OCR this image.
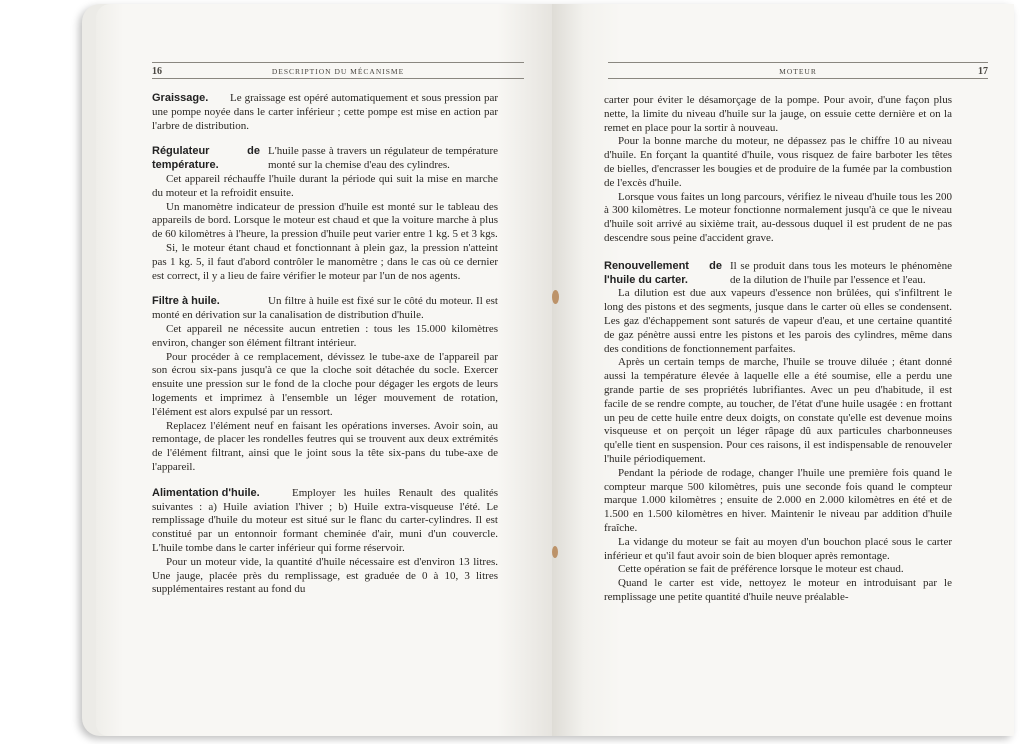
16	DESCRIPTION DU MÉCANISME
Graissage.	Le graissage est opéré automatiquement et sous pression par une pompe noyée dans le carter inférieur ; cette pompe est mise en action par l'arbre de distribution.

Régulateur de température.

L'huile passe à travers un régulateur de température monté sur la chemise d'eau des cylindres.

Cet appareil réchauffe l'huile durant la période qui suit la mise en marche du moteur et la refroidit ensuite.

Un manomètre indicateur de pression d'huile est monté sur le tableau des appareils de bord. Lorsque le moteur est chaud et que la voiture marche à plus de 60 kilomètres à l'heure, la pression d'huile peut varier entre 1 kg. 5 et 3 kgs.

Si, le moteur étant chaud et fonctionnant à plein gaz, la pression n'atteint pas 1 kg. 5, il faut d'abord contrôler le manomètre ; dans le cas où ce dernier est correct, il y a lieu de faire vérifier le moteur par l'un de nos agents.

Filtre à huile.	Un filtre à huile est fixé sur le côté du moteur. Il est monté en dérivation sur la canalisation de distribution d'huile.

Cet appareil ne nécessite aucun entretien : tous les 15.000 kilomètres environ, changer son élément filtrant intérieur.

Pour procéder à ce remplacement, dévissez le tube-axe de l'appareil par son écrou six-pans jusqu'à ce que la cloche soit détachée du socle. Exercer ensuite une pression sur le fond de la cloche pour dégager les ergots de leurs logements et imprimez à l'ensemble un léger mouvement de rotation, l'élément est alors expulsé par un ressort.

Replacez l'élément neuf en faisant les opérations inverses. Avoir soin, au remontage, de placer les rondelles feutres qui se trouvent aux deux extrémités de l'élément filtrant, ainsi que le joint sous la tête six-pans du tube-axe de l'appareil.

Alimentation d'huile.	Employer les huiles Renault des qualités suivantes : a) Huile aviation l'hiver ; b) Huile extra-visqueuse l'été. Le remplissage d'huile du moteur est situé sur le flanc du carter-cylindres. Il est constitué par un entonnoir formant cheminée d'air, muni d'un couvercle. L'huile tombe dans le carter inférieur qui forme réservoir.

Pour un moteur vide, la quantité d'huile nécessaire est d'environ 13 litres. Une jauge, placée près du remplissage, est graduée de 0 à 10, 3 litres supplémentaires restant au fond du

MOTEUR	17

carter pour éviter le désamorçage de la pompe. Pour avoir, d'une façon plus nette, la limite du niveau d'huile sur la jauge, on essuie cette dernière et on la remet en place pour la sortir à nouveau.

Pour la bonne marche du moteur, ne dépassez pas le chiffre 10 au niveau d'huile. En forçant la quantité d'huile, vous risquez de faire barboter les têtes de bielles, d'encrasser les bougies et de produire de la fumée par la combustion de l'excès d'huile.

Lorsque vous faites un long parcours, vérifiez le niveau d'huile tous les 200 à 300 kilomètres. Le moteur fonctionne normalement jusqu'à ce que le niveau d'huile soit arrivé au sixième trait, au-dessous duquel il est prudent de ne pas descendre sous peine d'accident grave.

Renouvellement de l'huile du carter.

Il se produit dans tous les moteurs le phénomène de la dilution de l'huile par l'essence et l'eau.

La dilution est due aux vapeurs d'essence non brûlées, qui s'infiltrent le long des pistons et des segments, jusque dans le carter où elles se condensent. Les gaz d'échappement sont saturés de vapeur d'eau, et une certaine quantité de gaz pénètre aussi entre les pistons et les parois des cylindres, même dans des conditions de fonctionnement parfaites.

Après un certain temps de marche, l'huile se trouve diluée ; étant donné aussi la température élevée à laquelle elle a été soumise, elle a perdu une grande partie de ses propriétés lubrifiantes. Avec un peu d'habitude, il est facile de se rendre compte, au toucher, de l'état d'une huile usagée : en frottant un peu de cette huile entre deux doigts, on constate qu'elle est devenue moins visqueuse et on perçoit un léger râpage dû aux particules charbonneuses qu'elle tient en suspension. Pour ces raisons, il est indispensable de renouveler l'huile périodiquement.

Pendant la période de rodage, changer l'huile une première fois quand le compteur marque 500 kilomètres, puis une seconde fois quand le compteur marque 1.000 kilomètres ; ensuite de 2.000 en 2.000 kilomètres en été et de 1.500 en 1.500 kilomètres en hiver. Maintenir le niveau par addition d'huile fraîche.

La vidange du moteur se fait au moyen d'un bouchon placé sous le carter inférieur et qu'il faut avoir soin de bien bloquer après remontage.

Cette opération se fait de préférence lorsque le moteur est chaud.

Quand le carter est vide, nettoyez le moteur en introduisant par le remplissage une petite quantité d'huile neuve préalable-
